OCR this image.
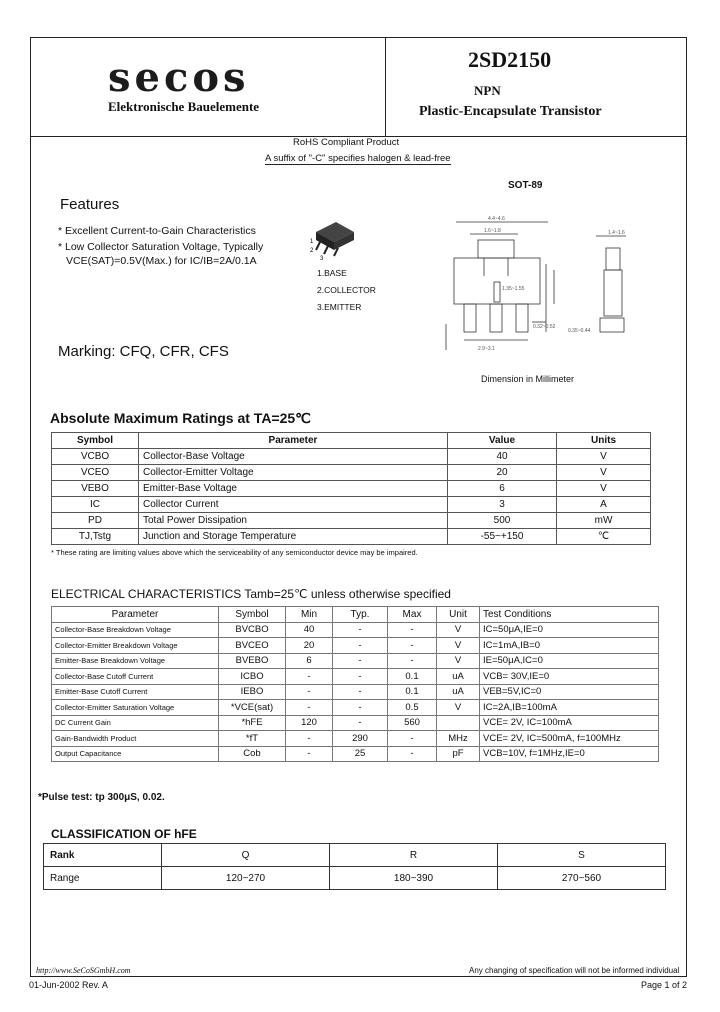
secos
Elektronische Bauelemente
2SD2150
NPN
Plastic-Encapsulate Transistor
RoHS Compliant Product
A suffix of "-C" specifies halogen & lead-free
SOT-89
1
2
3
1.BASE
2.COLLECTOR
3.EMITTER
4.4~4.6
1.6~1.8
1.35~1.55
2.9~3.1
0.32~0.52
1.4~1.6
0.35~0.44
Dimension in Millimeter
Features
* Excellent Current-to-Gain Characteristics
* Low Collector Saturation Voltage, Typically
VCE(SAT)=0.5V(Max.) for IC/IB=2A/0.1A
Marking: CFQ, CFR, CFS
Absolute Maximum Ratings at TA=25℃
Symbol	Parameter	Value	Units
VCBO	Collector-Base Voltage	40	V
VCEO	Collector-Emitter Voltage	20	V
VEBO	Emitter-Base Voltage	6	V
IC	Collector Current	3	A
PD	Total Power Dissipation	500	mW
TJ,Tstg	Junction and Storage Temperature	-55~+150	℃
* These rating are limiting values above which the serviceability of any semiconductor device may be impaired.
ELECTRICAL CHARACTERISTICS Tamb=25℃ unless otherwise specified
Parameter	Symbol	Min	Typ.	Max	Unit	Test Conditions
Collector-Base Breakdown Voltage	BVCBO	40	-	-	V	IC=50μA,IE=0
Collector-Emitter Breakdown Voltage	BVCEO	20	-	-	V	IC=1mA,IB=0
Emitter-Base Breakdown Voltage	BVEBO	6	-	-	V	IE=50μA,IC=0
Collector-Base Cutoff Current	ICBO	-	-	0.1	uA	VCB= 30V,IE=0
Emitter-Base Cutoff Current	IEBO	-	-	0.1	uA	VEB=5V,IC=0
Collector-Emitter Saturation Voltage	*VCE(sat)	-	-	0.5	V	IC=2A,IB=100mA
DC Current Gain	*hFE	120	-	560		VCE= 2V, IC=100mA
Gain-Bandwidth Product	*fT	-	290	-	MHz	VCE= 2V, IC=500mA, f=100MHz
Output Capacitance	Cob	-	25	-	pF	VCB=10V, f=1MHz,IE=0
*Pulse test: tp 300μS, 0.02.
CLASSIFICATION OF hFE
Rank	Q	R	S
Range	120~270	180~390	270~560
http://www.SeCoSGmbH.com	Any changing of specification will not be informed individual
01-Jun-2002 Rev. A	Page 1 of 2
